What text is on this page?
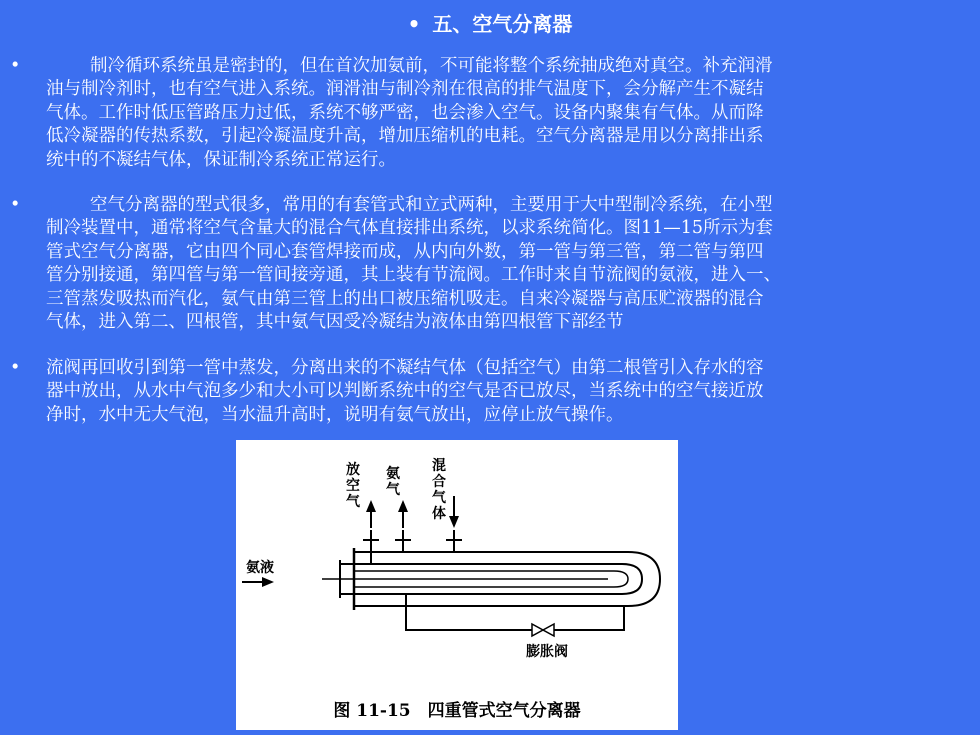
• 五、空气分离器
•	制冷循环系统虽是密封的，但在首次加氨前，不可能将整个系统抽成绝对真空。补充润滑
油与制冷剂时，也有空气进入系统。润滑油与制冷剂在很高的排气温度下，会分解产生不凝结
气体。工作时低压管路压力过低，系统不够严密，也会渗入空气。设备内聚集有气体。从而降
低冷凝器的传热系数，引起冷凝温度升高，增加压缩机的电耗。空气分离器是用以分离排出系
统中的不凝结气体，保证制冷系统正常运行。
•	空气分离器的型式很多，常用的有套管式和立式两种，主要用于大中型制冷系统，在小型
制冷装置中，通常将空气含量大的混合气体直接排出系统，以求系统简化。图11—15所示为套
管式空气分离器，它由四个同心套管焊接而成，从内向外数，第一管与第三管，第二管与第四
管分别接通，第四管与第一管间接旁通，其上装有节流阀。工作时来自节流阀的氨液，进入一、
三管蒸发吸热而汽化，氨气由第三管上的出口被压缩机吸走。自来冷凝器与高压贮液器的混合
气体，进入第二、四根管，其中氨气因受冷凝结为液体由第四根管下部经节
• 流阀再回收引到第一管中蒸发，分离出来的不凝结气体（包括空气）由第二根管引入存水的容
器中放出，从水中气泡多少和大小可以判断系统中的空气是否已放尽，当系统中的空气接近放
净时，水中无大气泡，当水温升高时，说明有氨气放出，应停止放气操作。
放空气
氨气
混合气体
氨液
膨胀阀
图 11-15　四重管式空气分离器
